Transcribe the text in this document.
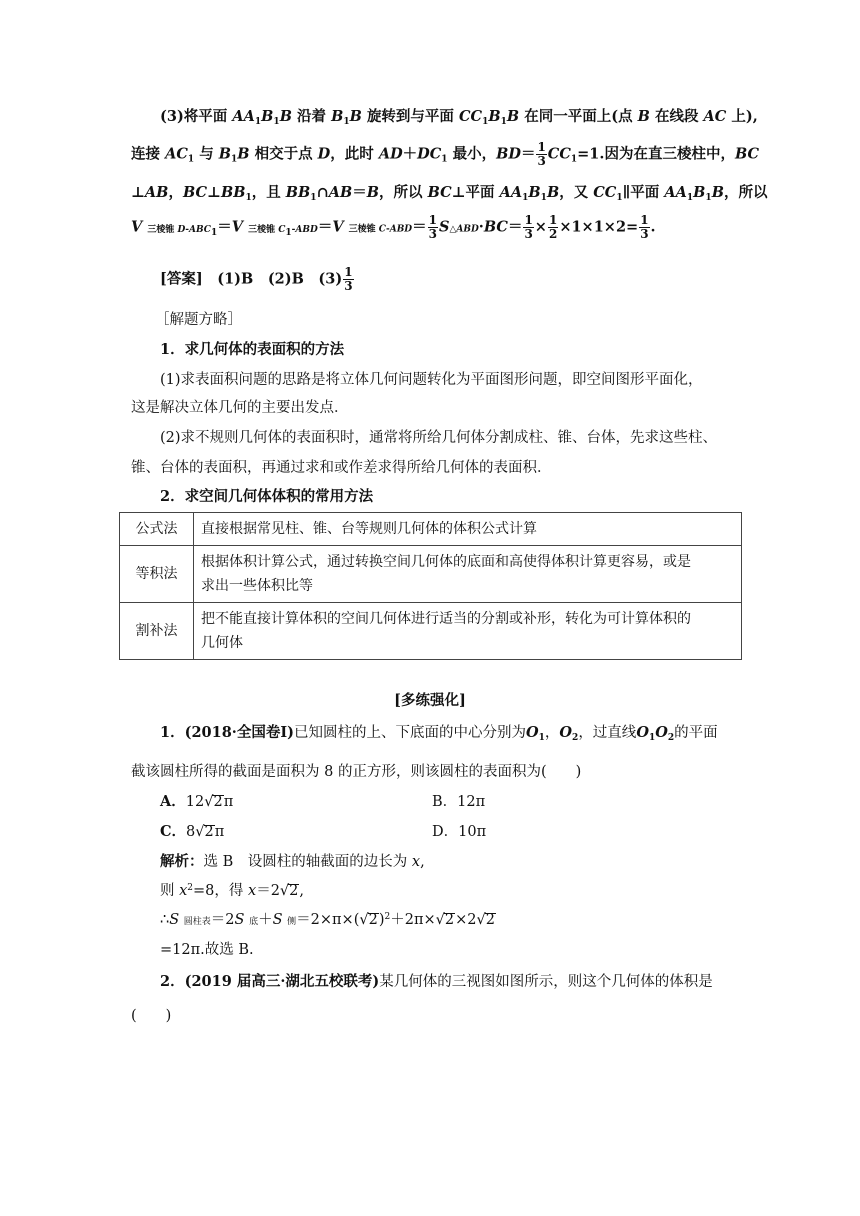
(3)将平面 $AA_1B_1B$ 沿着 $B_1B$ 旋转到与平面 $CC_1B_1B$ 在同一平面上(点 B 在线段 AC 上),
连接 $AC_1$ 与 $B_1B$ 相交于点 D，此时 $AD+DC_1$ 最小，$BD= \frac{1}{3} CC_1=1$.因为在直三棱柱中，BC
⊥AB，$BC\perp BB_1$，且 $BB_1\cap AB=B$，所以 BC⊥平面 $AA_1B_1B$，又 $CC_1\parallel$平面 $AA_1B_1B$，所以
V 三棱锥 $D-ABC_1=V$ 三棱锥 $C_1-ABD=V$ 三棱锥 $C-ABD= \frac{1}{3}$ S△ABD·BC＝ $\frac{1}{3} \times \frac{1}{2} \times 1\times 1\times 2= \frac{1}{3}$ .
[答案]　 (1)B　 (2)B　 $(3) \frac{1}{3}$
［解题方略］
1．求几何体的表面积的方法
(1)求表面积问题的思路是将立体几何问题转化为平面图形问题，即空间图形平面化，
这是解决立体几何的主要出发点．
(2)求不规则几何体的表面积时，通常将所给几何体分割成柱、锥、台体，先求这些柱、
锥、台体的表面积，再通过求和或作差求得所给几何体的表面积．
2．求空间几何体体积的常用方法
公式法	直接根据常见柱、锥、台等规则几何体的体积公式计算
等积法	根据体积计算公式，通过转换空间几何体的底面和高使得体积计算更容易，或是
求出一些体积比等
割补法	把不能直接计算体积的空间几何体进行适当的分割或补形，转化为可计算体积的
几何体
[多练强化]
1．(2018·全国卷Ⅰ)已知圆柱的上、下底面的中心分别为$O_1$，$O_2$，过直线$O_1O_2$的平面
截该圆柱所得的截面是面积为 8 的正方形，则该圆柱的表面积为(　　)
A．12√2π	B．12π
C．8√2π	D．10π
解析：选 B　设圆柱的轴截面的边长为 x,
则 $x^2=8$，得 x＝2√2,
∴S 圆柱表＝2S 底＋S 侧$=2\times\pi\times(√2)^2+2\pi\times√2\times 2√2$
=12π.故选 B.
2．(2019 届高三·湖北五校联考)某几何体的三视图如图所示，则这个几何体的体积是
(　　)
